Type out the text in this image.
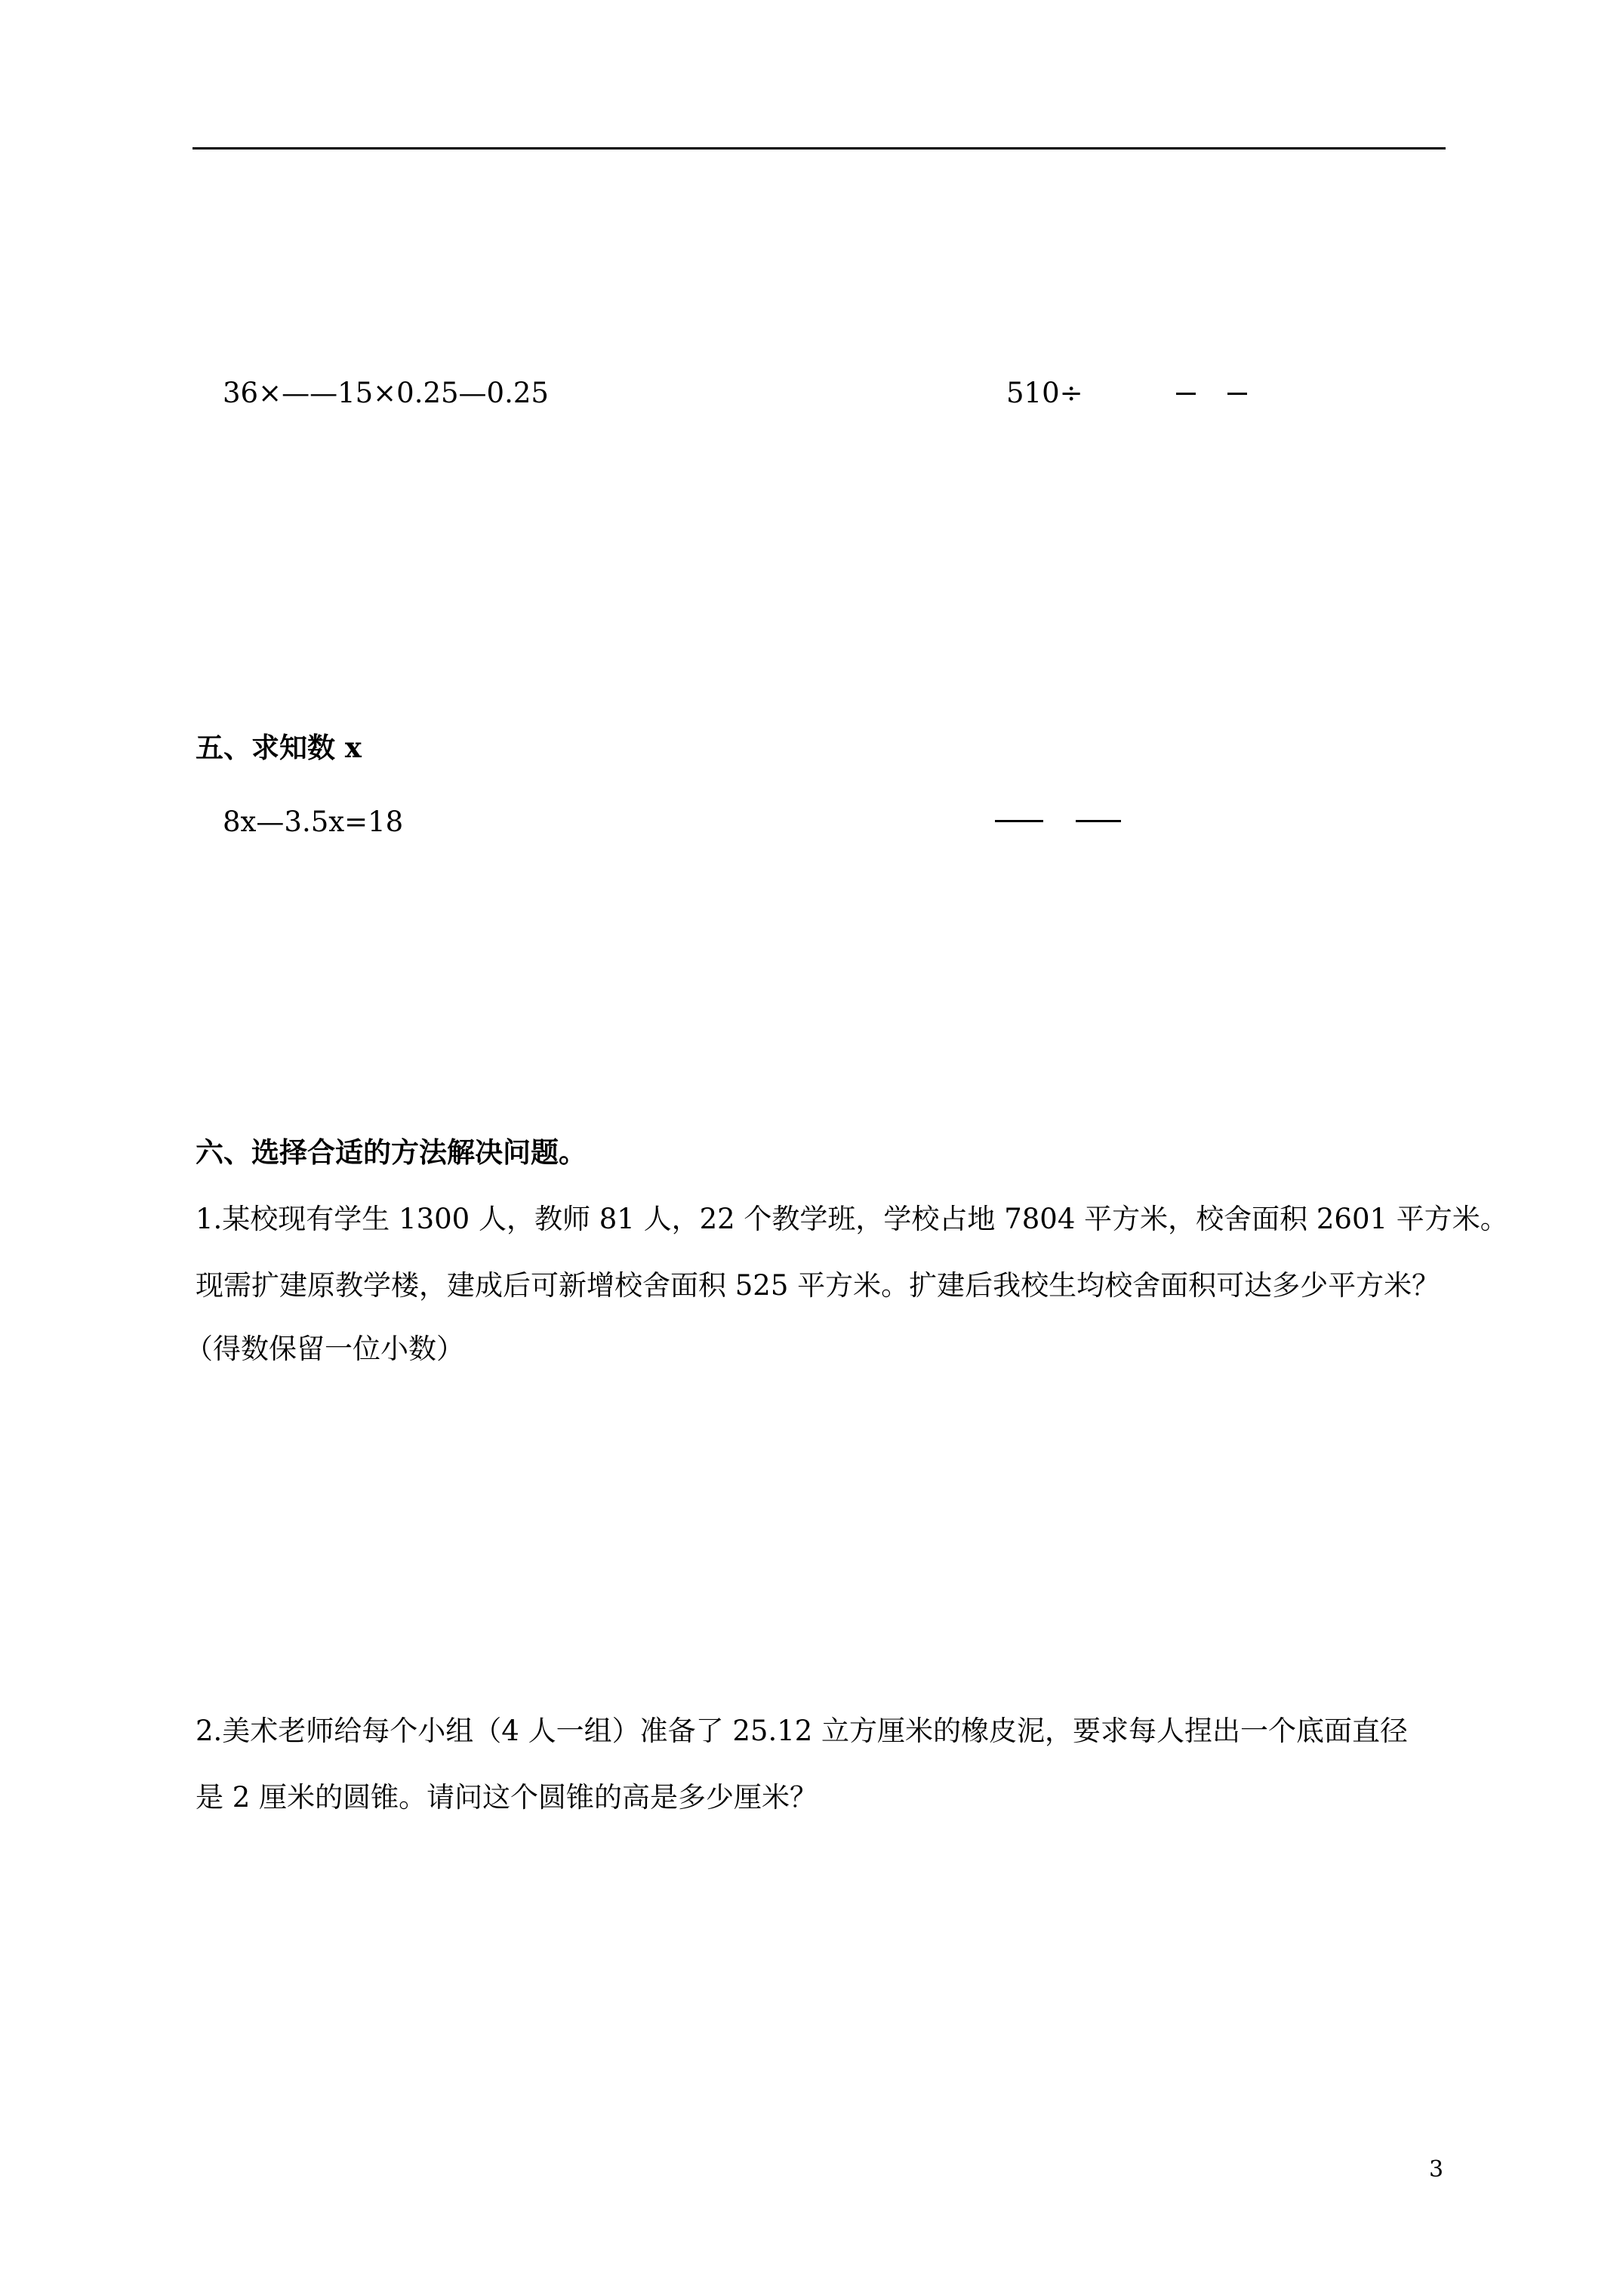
36×——15×0.25—0.25	510÷
五、求知数 x
8x—3.5x=18
六、选择合适的方法解决问题。
1.某校现有学生 1300 人，教师 81 人，22 个教学班，学校占地 7804 平方米，校舍面积 2601 平方米。
现需扩建原教学楼，建成后可新增校舍面积 525 平方米。扩建后我校生均校舍面积可达多少平方米？
（得数保留一位小数）
2.美术老师给每个小组（4 人一组）准备了 25.12 立方厘米的橡皮泥，要求每人捏出一个底面直径
是 2 厘米的圆锥。请问这个圆锥的高是多少厘米？
3
